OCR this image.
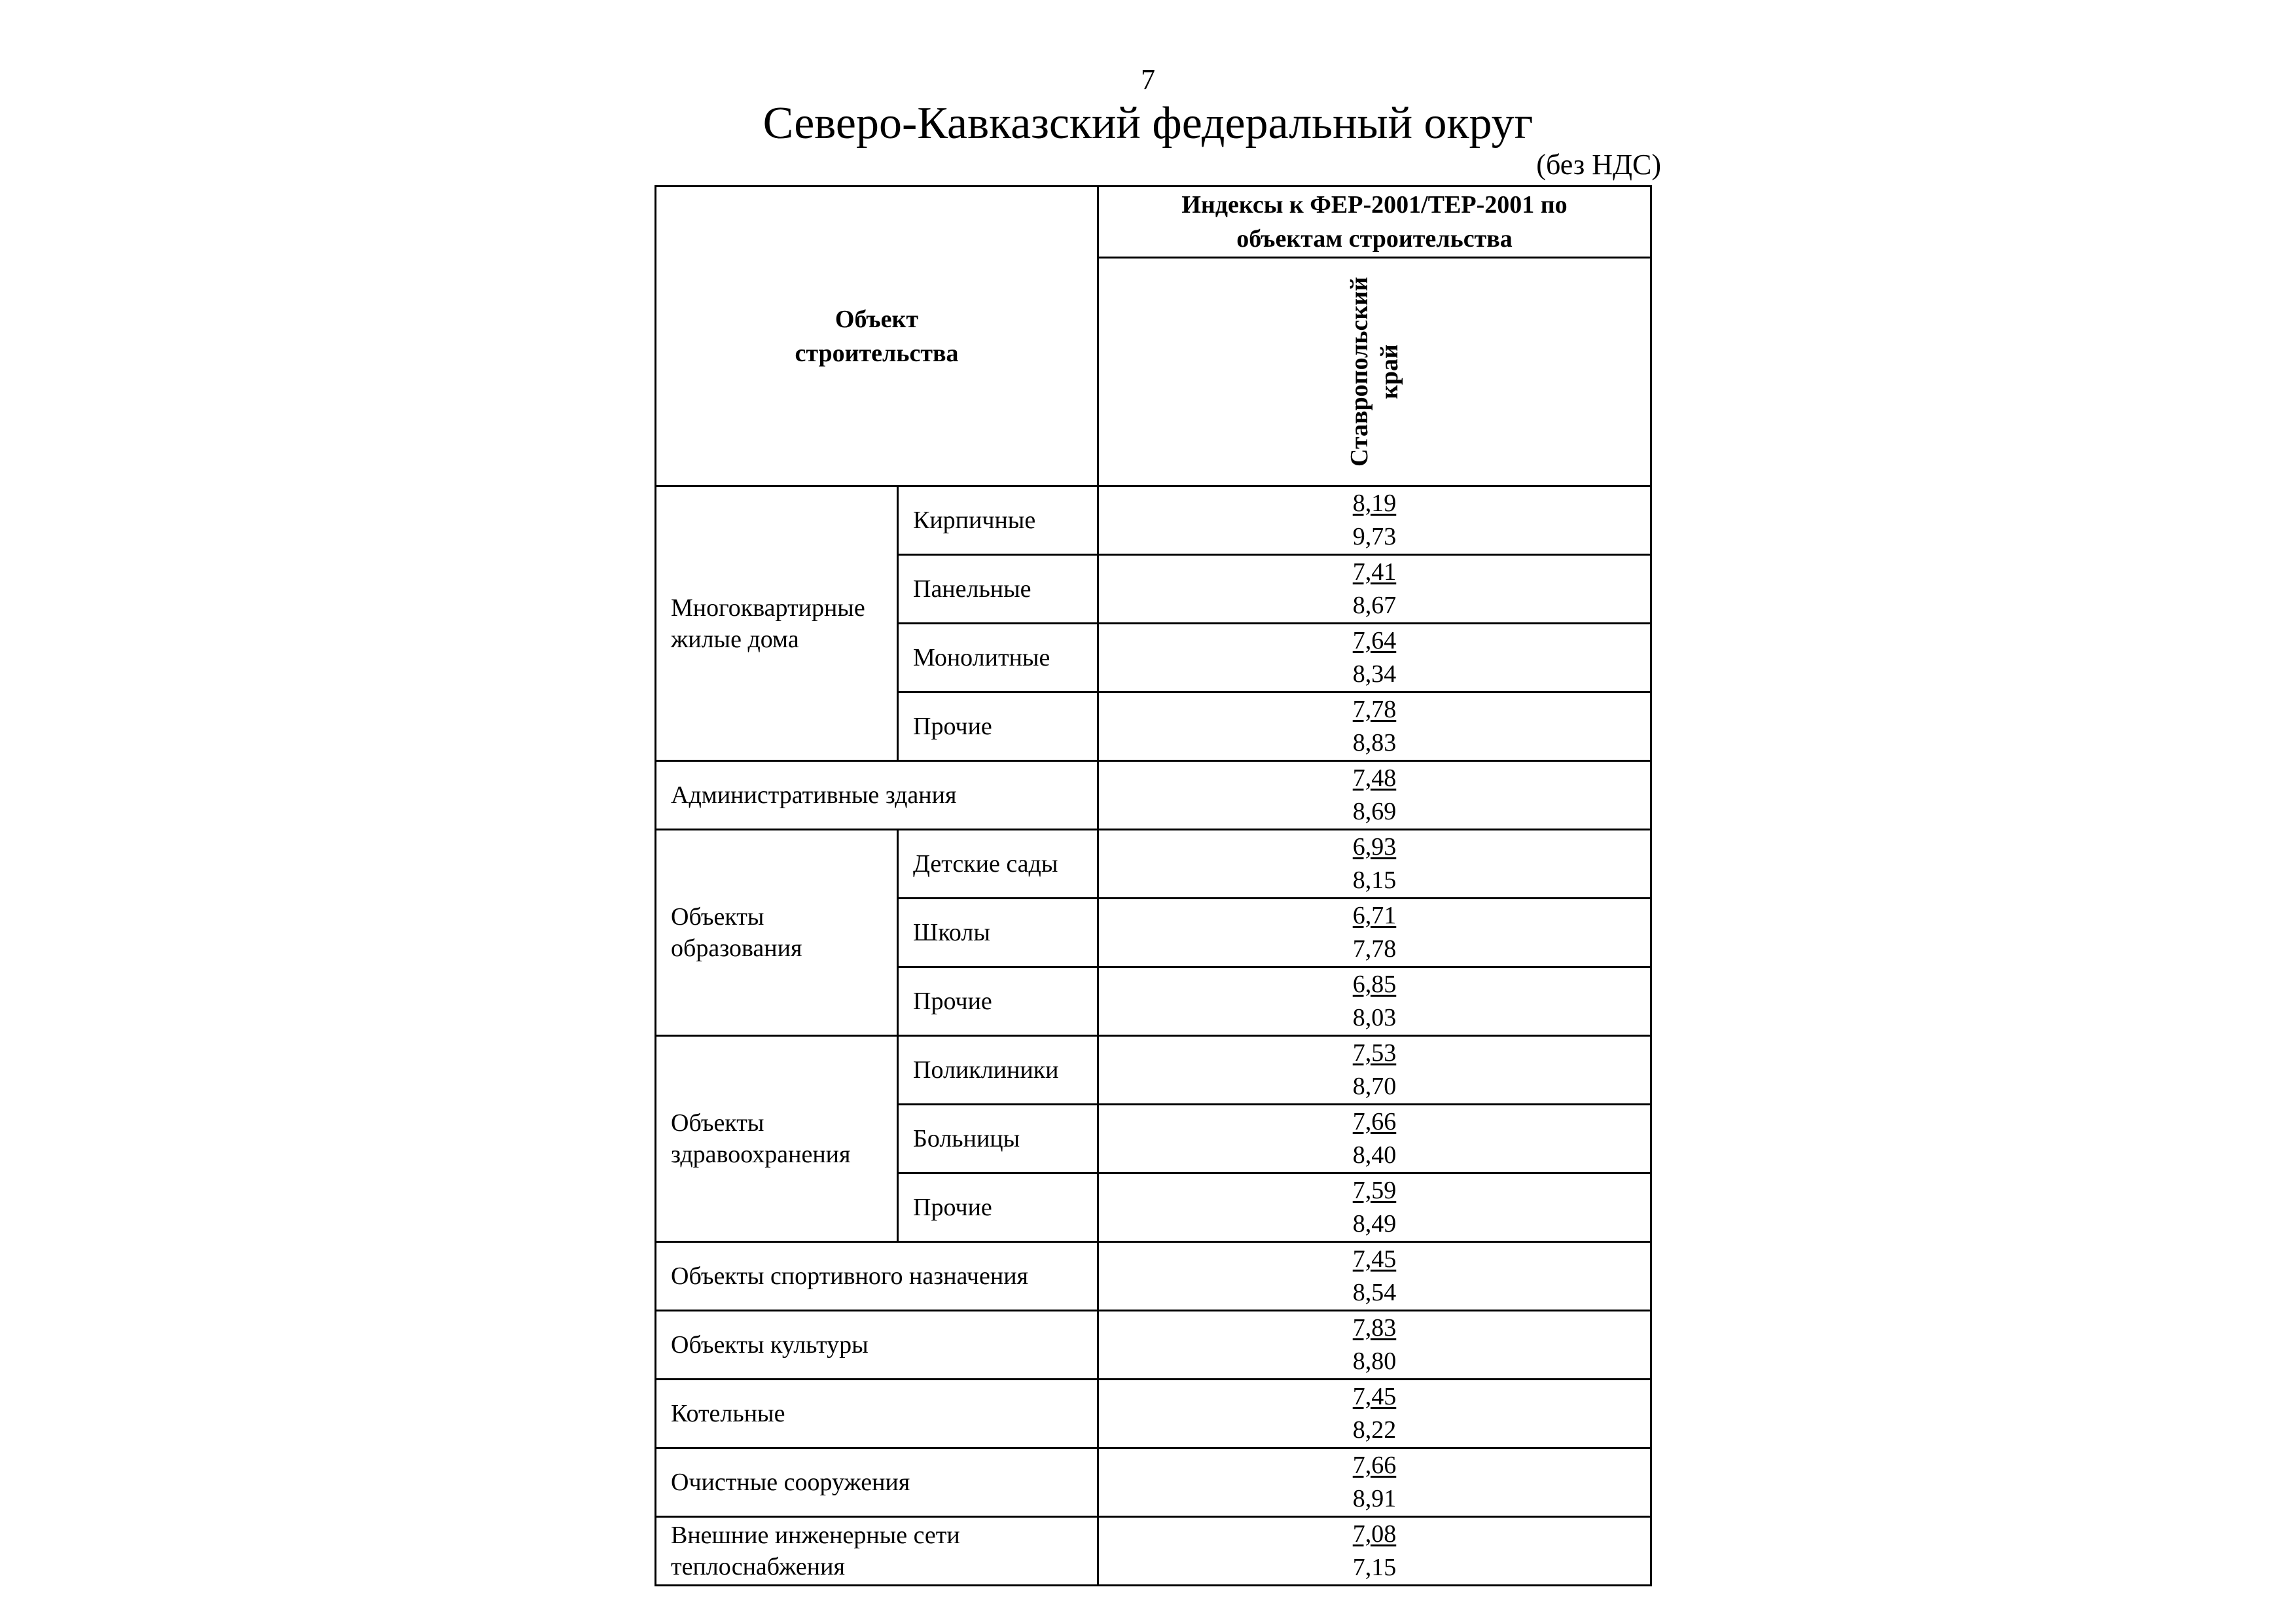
7
Северо-Кавказский федеральный округ
(без НДС)
Объект
строительства		Индексы к ФЕР-2001/ТЕР-2001 по
объектам строительства

		Ставропольский край

Многоквартирные жилые дома	Кирпичные	8,19
9,73

	Панельные	7,41
8,67

	Монолитные	7,64
8,34

	Прочие	7,78
8,83

Административные здания		7,48
8,69

Объекты образования	Детские сады	6,93
8,15

	Школы	6,71
7,78

	Прочие	6,85
8,03

Объекты здравоохранения	Поликлиники	7,53
8,70

	Больницы	7,66
8,40

	Прочие	7,59
8,49

Объекты спортивного назначения		7,45
8,54

Объекты культуры		7,83
8,80

Котельные		7,45
8,22

Очистные сооружения		7,66
8,91

Внешние инженерные сети теплоснабжения		7,08
7,15
